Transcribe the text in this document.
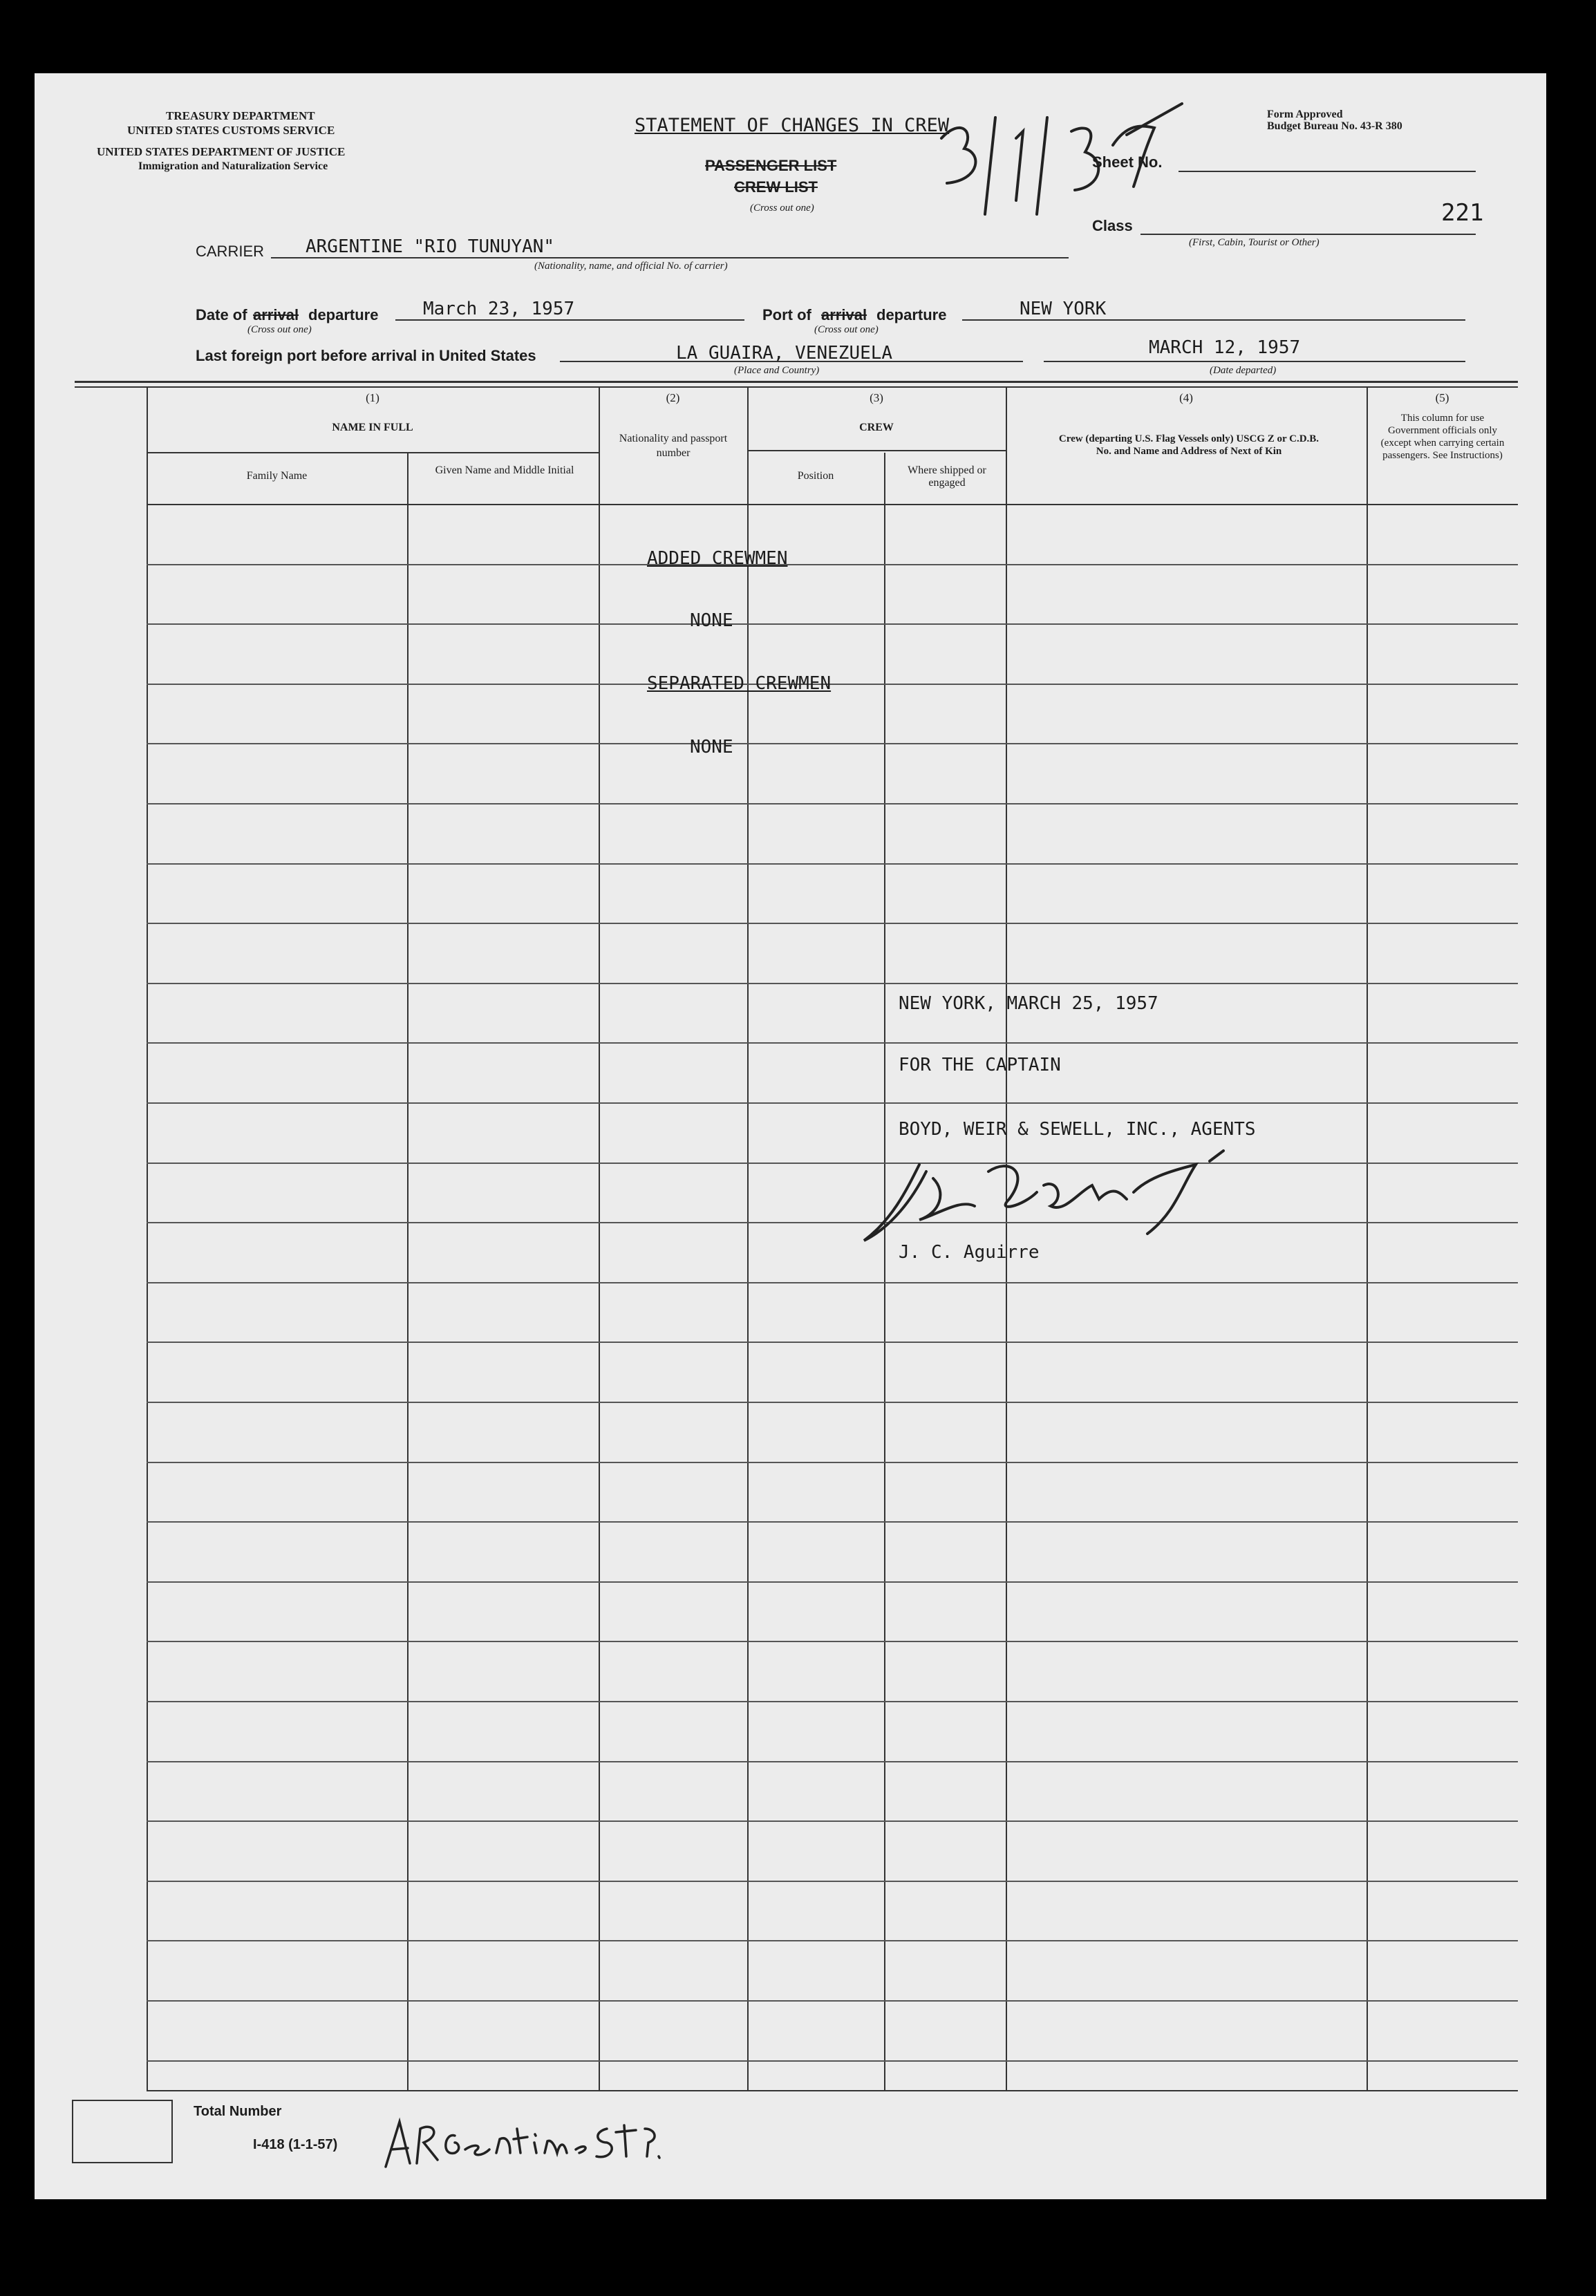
TREASURY DEPARTMENT
UNITED STATES CUSTOMS SERVICE
UNITED STATES DEPARTMENT OF JUSTICE
Immigration and Naturalization Service
STATEMENT OF CHANGES IN CREW
PASSENGER LIST
CREW LIST
(Cross out one)
Form Approved
Budget Bureau No. 43-R 380
Sheet No.
Class	221
(First, Cabin, Tourist or Other)
CARRIER ARGENTINE "RIO TUNUYAN"
(Nationality, name, and official No. of carrier)
Date of arrival departure
(Cross out one)
March 23, 1957	Port of arrival departure
(Cross out one)
NEW YORK
Last foreign port before arrival in United States	LA GUAIRA, VENEZUELA
(Place and Country)
MARCH 12, 1957
(Date departed)
(1)
NAME IN FULL
Family Name	Given Name and Middle Initial
(2)
Nationality and passport number
(3)
CREW
Position	Where shipped or engaged
(4)
Crew (departing U.S. Flag Vessels only) USCG Z or C.D.B. No. and Name and Address of Next of Kin
(5)
This column for use Government officials only (except when carrying certain passengers. See Instructions)
ADDED CREWMEN
NONE
SEPARATED CREWMEN
NONE
NEW YORK, MARCH 25, 1957
FOR THE CAPTAIN
BOYD, WEIR & SEWELL, INC., AGENTS
J. C. Aguirre
Total Number
I-418 (1-1-57)
